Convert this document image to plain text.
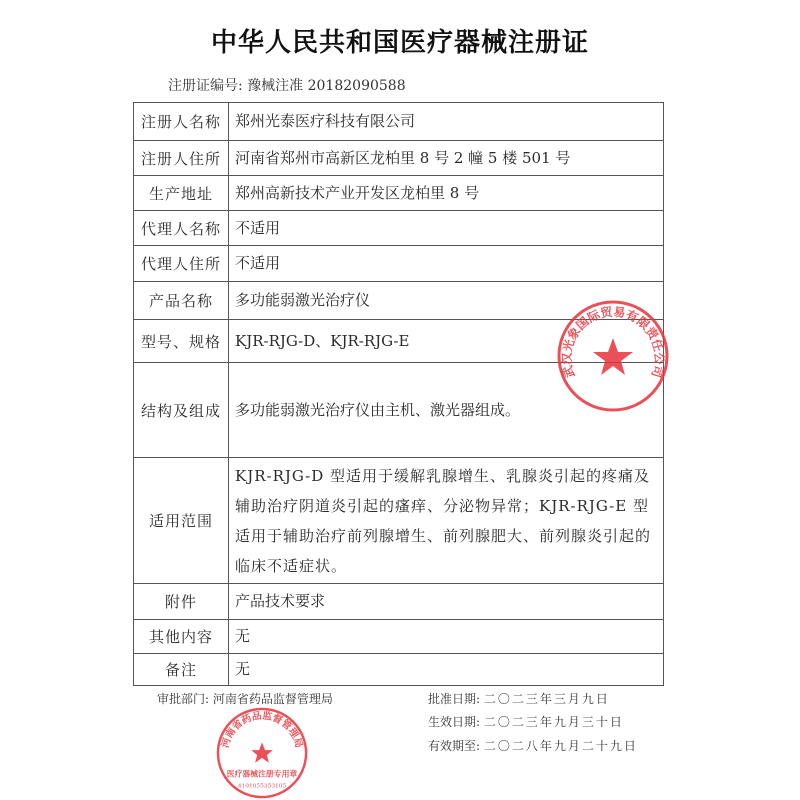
中华人民共和国医疗器械注册证
注册证编号: 豫械注准 20182090588
注册人名称	郑州光泰医疗科技有限公司
注册人住所	河南省郑州市高新区龙柏里 8 号 2 幢 5 楼 501 号
生产地址	郑州高新技术产业开发区龙柏里 8 号
代理人名称	不适用
代理人住所	不适用
产品名称	多功能弱激光治疗仪
型号、规格	KJR-RJG-D、KJR-RJG-E
结构及组成	多功能弱激光治疗仪由主机、激光器组成。
适用范围	KJR-RJG-D 型适用于缓解乳腺增生、乳腺炎引起的疼痛及辅助治疗阴道炎引起的瘙痒、分泌物异常；KJR-RJG-E 型适用于辅助治疗前列腺增生、前列腺肥大、前列腺炎引起的临床不适症状。
附件	产品技术要求
其他内容	无
备注	无
审批部门: 河南省药品监督管理局	批准日期: 二〇二三年三月九日
生效日期: 二〇二三年九月三十日
有效期至: 二〇二八年九月二十九日
武汉光象国际贸易有限责任公司
河南省药品监督管理局
医疗器械注册专用章
4101055353105
